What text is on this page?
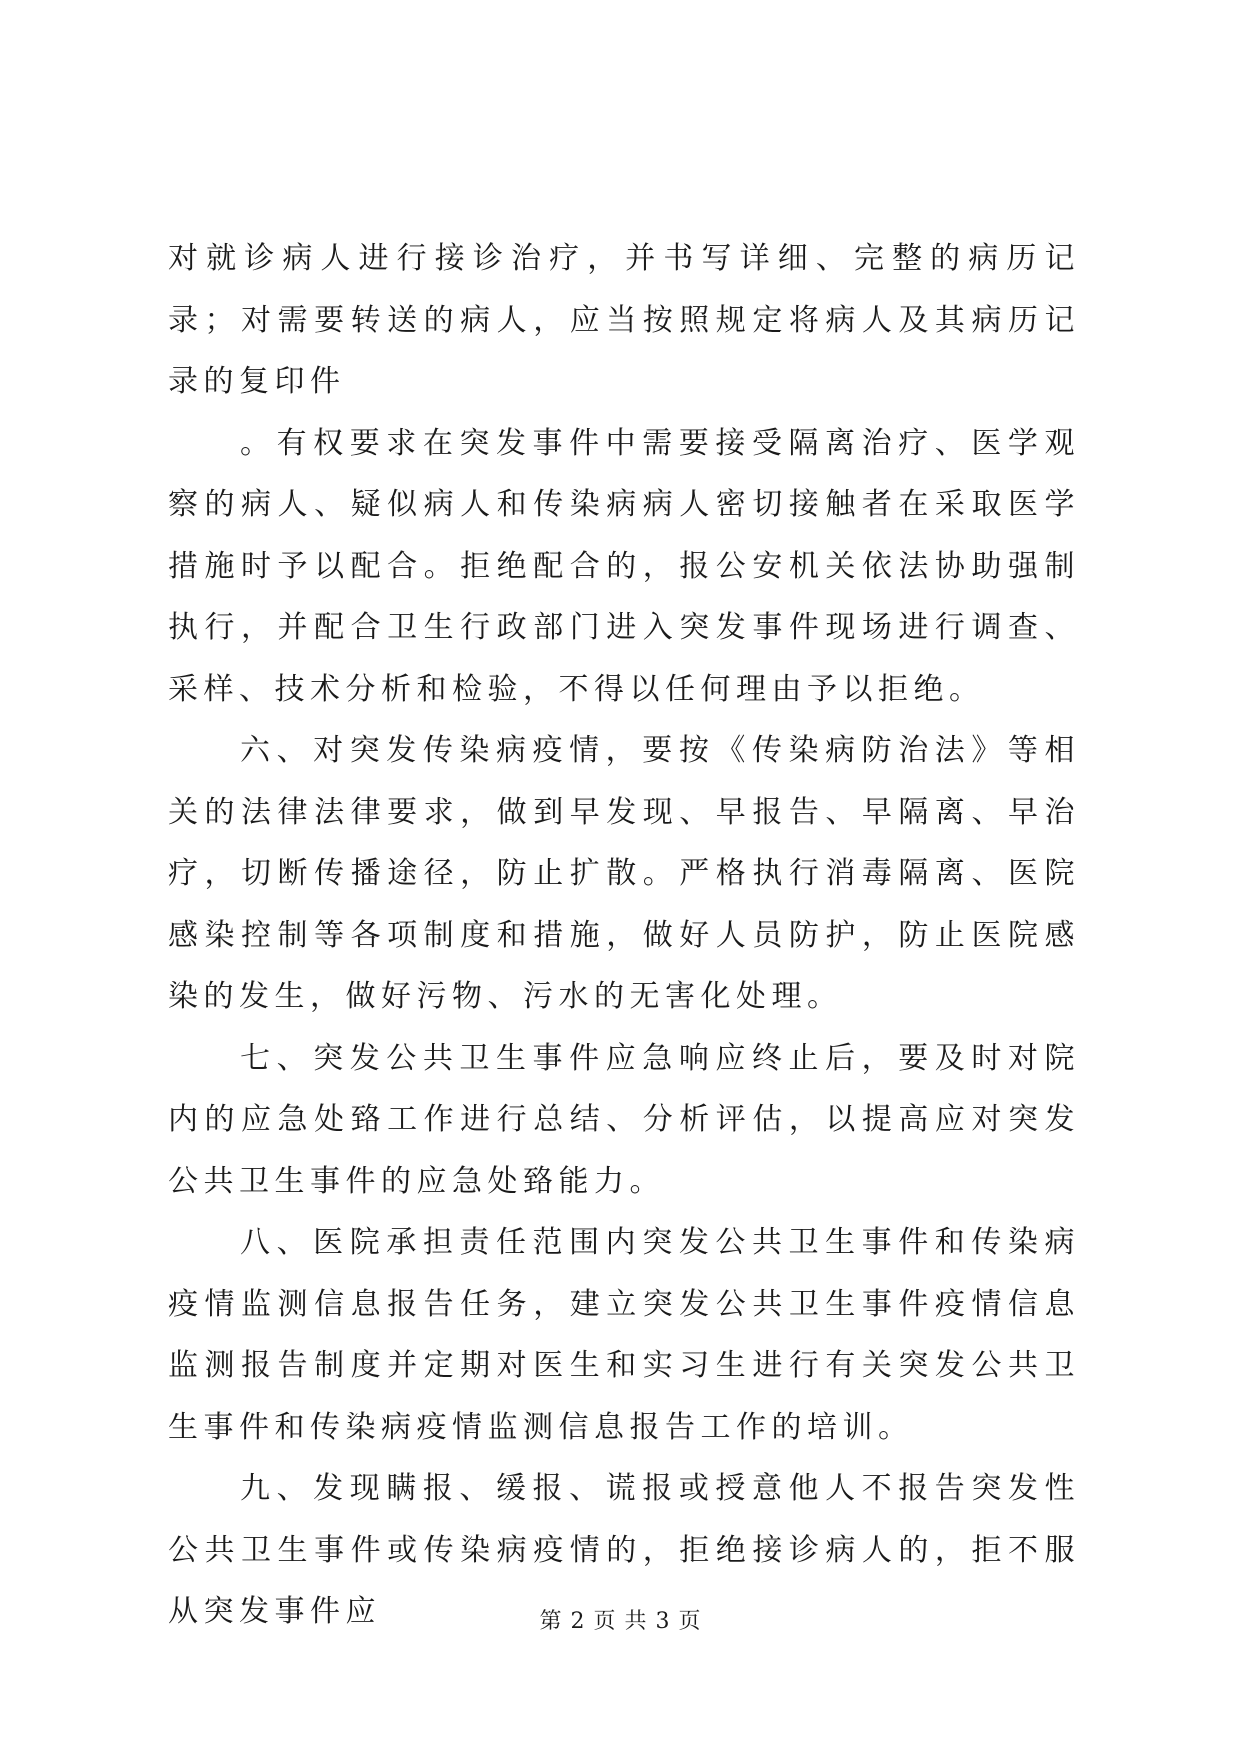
对就诊病人进行接诊治疗，并书写详细、完整的病历记录；对需要转送的病人，应当按照规定将病人及其病历记录的复印件

。有权要求在突发事件中需要接受隔离治疗、医学观察的病人、疑似病人和传染病病人密切接触者在采取医学措施时予以配合。拒绝配合的，报公安机关依法协助强制执行，并配合卫生行政部门进入突发事件现场进行调查、采样、技术分析和检验，不得以任何理由予以拒绝。

六、对突发传染病疫情，要按《传染病防治法》等相关的法律法律要求，做到早发现、早报告、早隔离、早治疗，切断传播途径，防止扩散。严格执行消毒隔离、医院感染控制等各项制度和措施，做好人员防护，防止医院感染的发生，做好污物、污水的无害化处理。

七、突发公共卫生事件应急响应终止后，要及时对院内的应急处臵工作进行总结、分析评估，以提高应对突发公共卫生事件的应急处臵能力。

八、医院承担责任范围内突发公共卫生事件和传染病疫情监测信息报告任务，建立突发公共卫生事件疫情信息监测报告制度并定期对医生和实习生进行有关突发公共卫生事件和传染病疫情监测信息报告工作的培训。

九、发现瞒报、缓报、谎报或授意他人不报告突发性公共卫生事件或传染病疫情的，拒绝接诊病人的，拒不服从突发事件应	第 2 页 共 3 页
